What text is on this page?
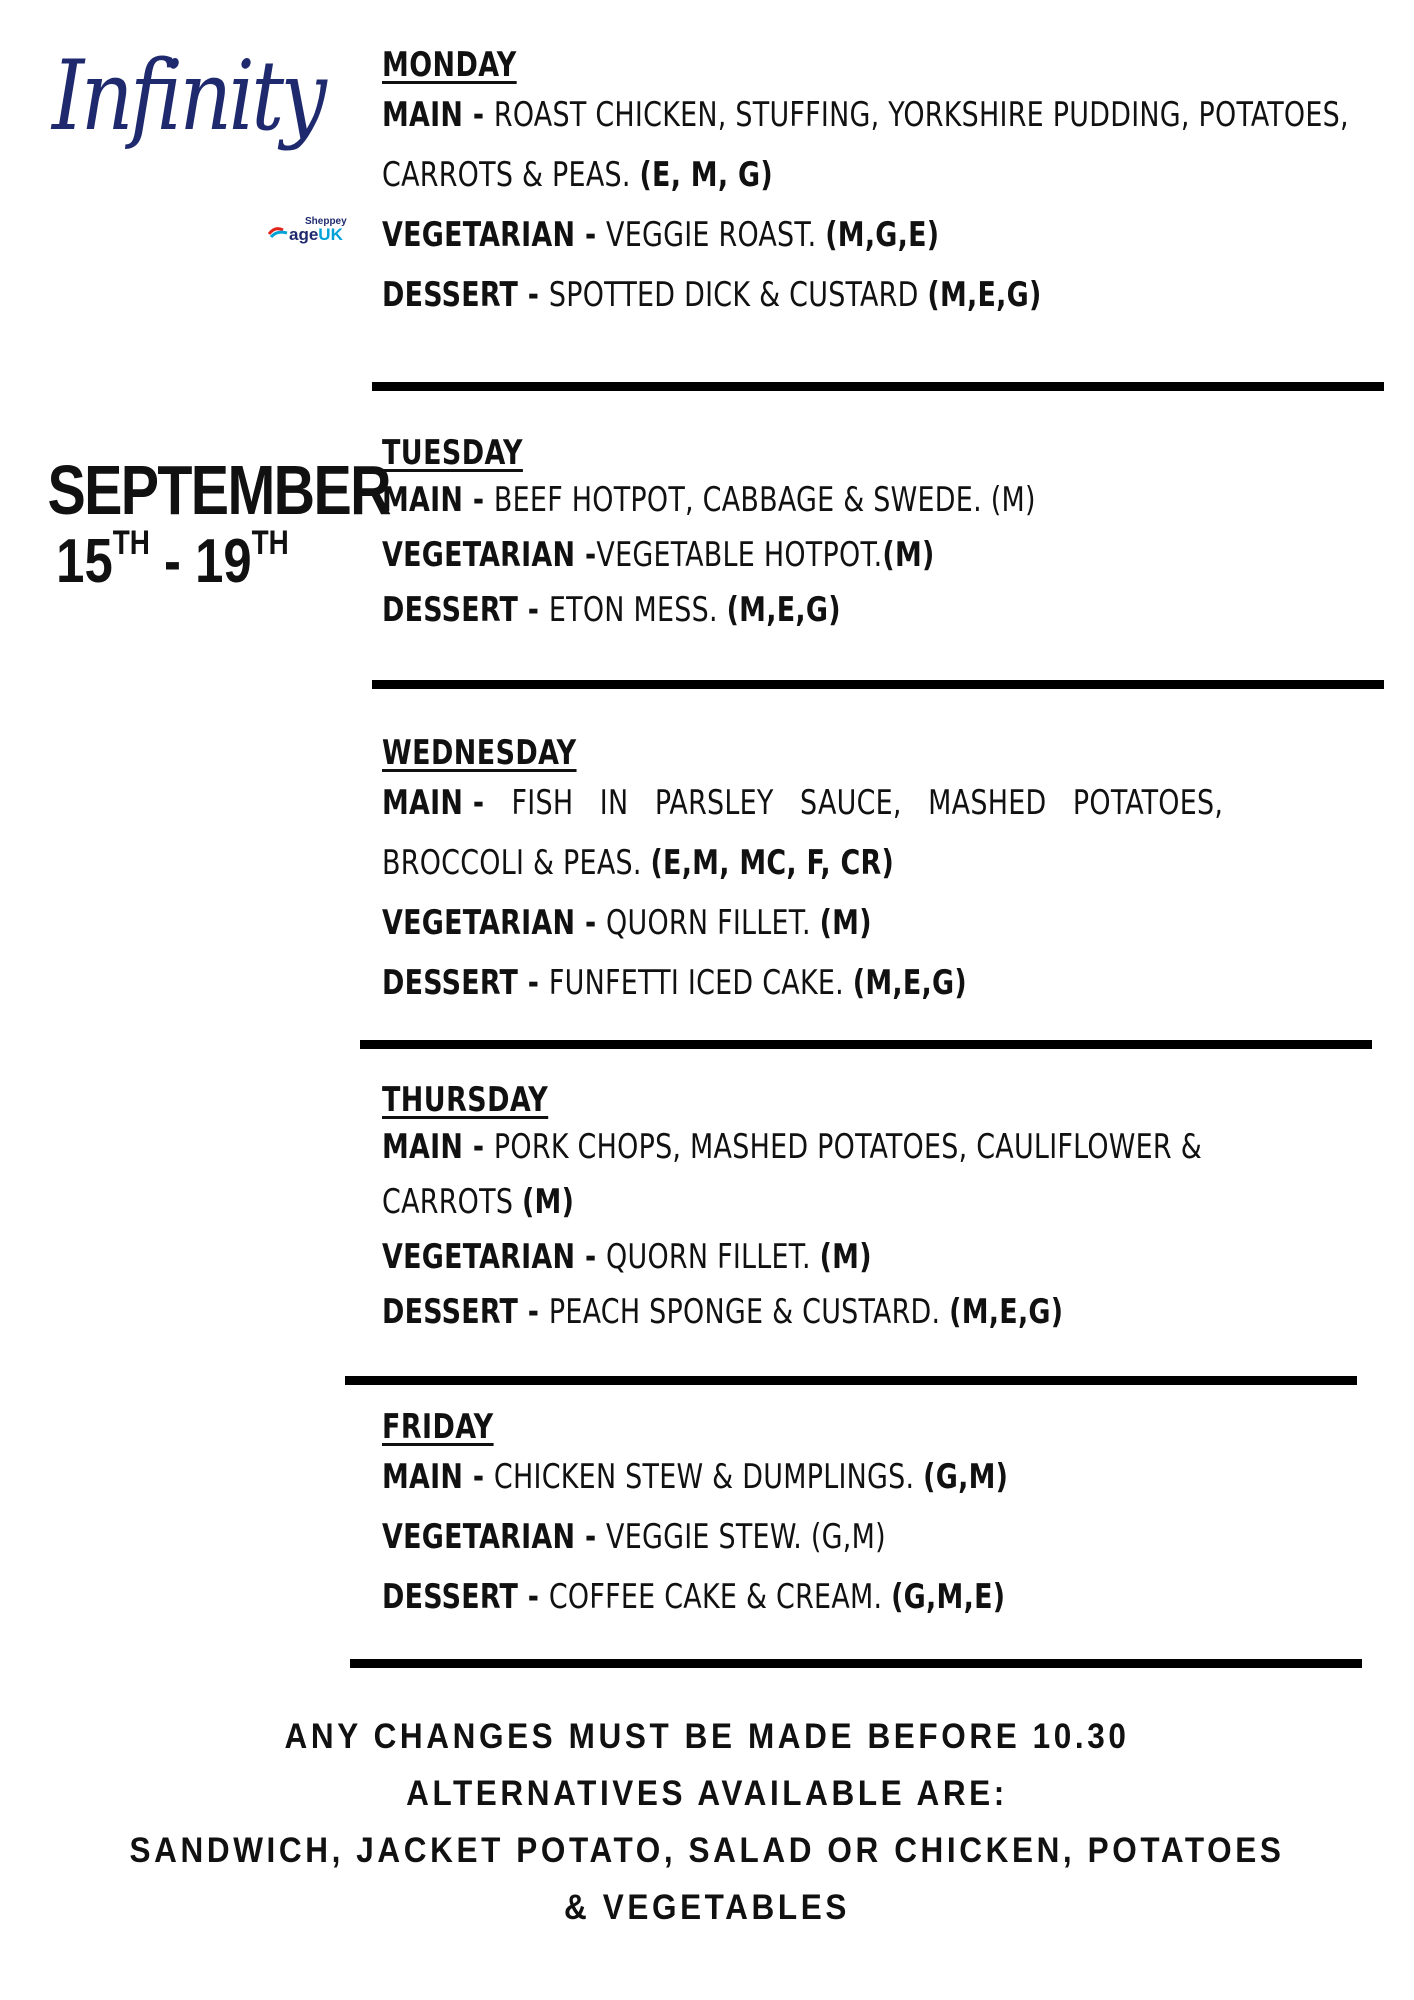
Infinity
Sheppey
ageUK
SEPTEMBER
15TH - 19TH
MONDAY
MAIN - ROAST CHICKEN, STUFFING, YORKSHIRE PUDDING, POTATOES,
CARROTS & PEAS. (E, M, G)
VEGETARIAN - VEGGIE ROAST. (M,G,E)
DESSERT - SPOTTED DICK & CUSTARD (M,E,G)
TUESDAY
MAIN - BEEF HOTPOT, CABBAGE & SWEDE. (M)
VEGETARIAN -VEGETABLE HOTPOT.(M)
DESSERT - ETON MESS. (M,E,G)
WEDNESDAY
MAIN -   FISH   IN   PARSLEY   SAUCE,   MASHED   POTATOES,
BROCCOLI & PEAS. (E,M, MC, F, CR)
VEGETARIAN - QUORN FILLET. (M)
DESSERT - FUNFETTI ICED CAKE. (M,E,G)
THURSDAY
MAIN - PORK CHOPS, MASHED POTATOES, CAULIFLOWER &
CARROTS (M)
VEGETARIAN - QUORN FILLET. (M)
DESSERT - PEACH SPONGE & CUSTARD. (M,E,G)
FRIDAY
MAIN - CHICKEN STEW & DUMPLINGS. (G,M)
VEGETARIAN - VEGGIE STEW. (G,M)
DESSERT - COFFEE CAKE & CREAM. (G,M,E)
ANY CHANGES MUST BE MADE BEFORE 10.30
ALTERNATIVES AVAILABLE ARE:
SANDWICH, JACKET POTATO, SALAD OR CHICKEN, POTATOES
& VEGETABLES
